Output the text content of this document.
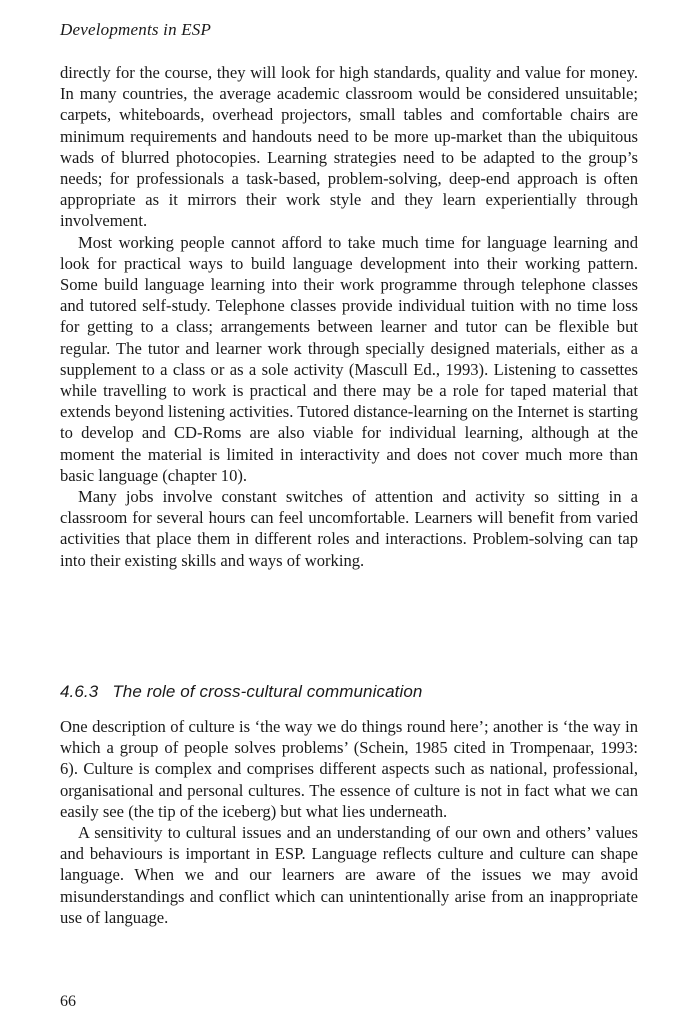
Developments in ESP

directly for the course, they will look for high standards, quality and value for money. In many countries, the average academic classroom would be considered unsuitable; carpets, whiteboards, overhead projectors, small tables and comfortable chairs are minimum requirements and handouts need to be more up-market than the ubiquitous wads of blurred photocopies. Learning strategies need to be adapted to the group’s needs; for professionals a task-based, problem-solving, deep-end approach is often appropriate as it mirrors their work style and they learn experientially through involvement.

Most working people cannot afford to take much time for language learning and look for practical ways to build language development into their working pattern. Some build language learning into their work programme through telephone classes and tutored self-study. Telephone classes provide individual tuition with no time loss for getting to a class; arrangements between learner and tutor can be flexible but regular. The tutor and learner work through specially designed materials, either as a supplement to a class or as a sole activity (Mascull Ed., 1993). Listening to cassettes while travelling to work is practical and there may be a role for taped material that extends beyond listening activities. Tutored distance-learning on the Internet is starting to develop and CD-Roms are also viable for individual learning, although at the moment the material is limited in interactivity and does not cover much more than basic language (chapter 10).

Many jobs involve constant switches of attention and activity so sitting in a classroom for several hours can feel uncomfortable. Learners will benefit from varied activities that place them in different roles and interactions. Problem-solving can tap into their existing skills and ways of working.

4.6.3 The role of cross-cultural communication

One description of culture is ‘the way we do things round here’; another is ‘the way in which a group of people solves problems’ (Schein, 1985 cited in Trompenaar, 1993: 6). Culture is complex and comprises different aspects such as national, professional, organisational and personal cultures. The essence of culture is not in fact what we can easily see (the tip of the iceberg) but what lies underneath.

A sensitivity to cultural issues and an understanding of our own and others’ values and behaviours is important in ESP. Language reflects culture and culture can shape language. When we and our learners are aware of the issues we may avoid misunderstandings and conflict which can unintentionally arise from an inappropriate use of language.

66
